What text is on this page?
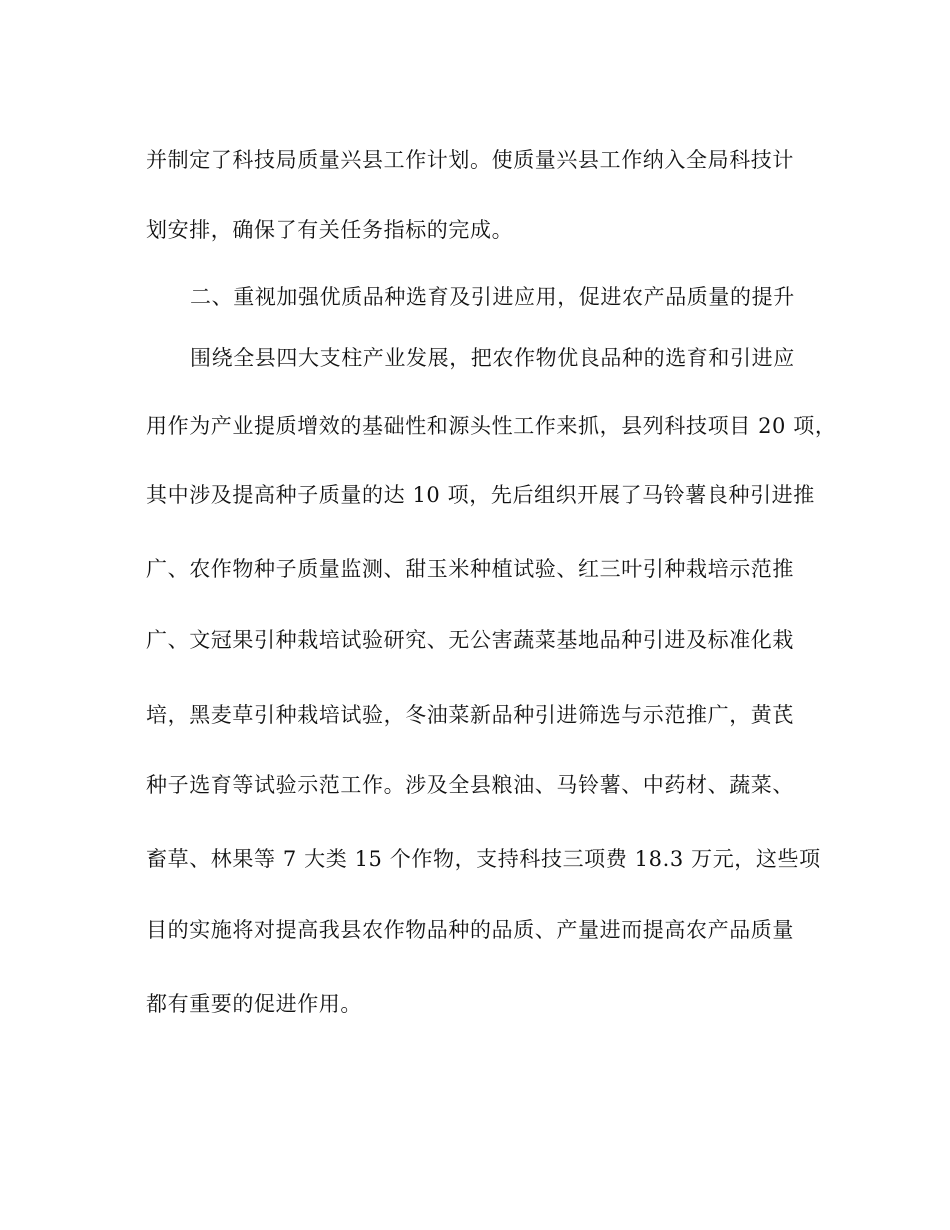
并制定了科技局质量兴县工作计划。使质量兴县工作纳入全局科技计
划安排，确保了有关任务指标的完成。
二、重视加强优质品种选育及引进应用，促进农产品质量的提升
围绕全县四大支柱产业发展，把农作物优良品种的选育和引进应
用作为产业提质增效的基础性和源头性工作来抓，县列科技项目 20 项，
其中涉及提高种子质量的达 10 项，先后组织开展了马铃薯良种引进推
广、农作物种子质量监测、甜玉米种植试验、红三叶引种栽培示范推
广、文冠果引种栽培试验研究、无公害蔬菜基地品种引进及标准化栽
培，黑麦草引种栽培试验，冬油菜新品种引进筛选与示范推广，黄芪
种子选育等试验示范工作。涉及全县粮油、马铃薯、中药材、蔬菜、
畜草、林果等 7 大类 15 个作物，支持科技三项费 18.3 万元，这些项
目的实施将对提高我县农作物品种的品质、产量进而提高农产品质量
都有重要的促进作用。
